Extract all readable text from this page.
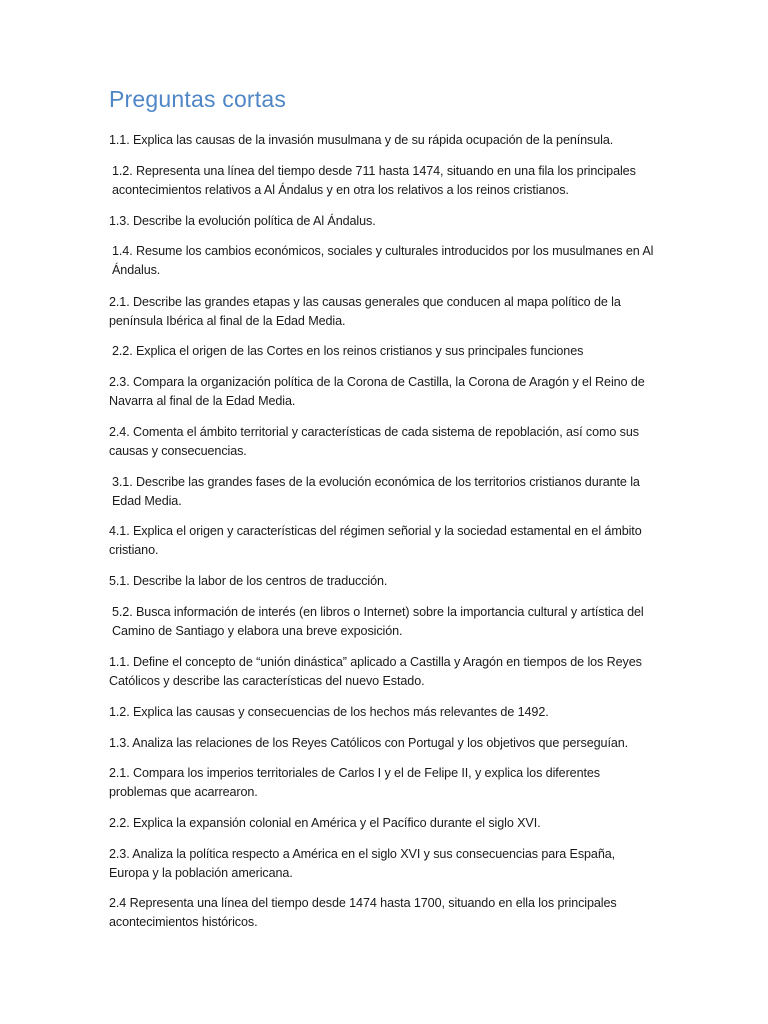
Preguntas cortas

1.1. Explica las causas de la invasión musulmana y de su rápida ocupación de la península.

1.2. Representa una línea del tiempo desde 711 hasta 1474, situando en una fila los principales acontecimientos relativos a Al Ándalus y en otra los relativos a los reinos cristianos.

1.3. Describe la evolución política de Al Ándalus.

1.4. Resume los cambios económicos, sociales y culturales introducidos por los musulmanes en Al Ándalus.

2.1. Describe las grandes etapas y las causas generales que conducen al mapa político de la península Ibérica al final de la Edad Media.

2.2. Explica el origen de las Cortes en los reinos cristianos y sus principales funciones

2.3. Compara la organización política de la Corona de Castilla, la Corona de Aragón y el Reino de Navarra al final de la Edad Media.

2.4. Comenta el ámbito territorial y características de cada sistema de repoblación, así como sus causas y consecuencias.

3.1. Describe las grandes fases de la evolución económica de los territorios cristianos durante la Edad Media.

4.1. Explica el origen y características del régimen señorial y la sociedad estamental en el ámbito cristiano.

5.1. Describe la labor de los centros de traducción.

5.2. Busca información de interés (en libros o Internet) sobre la importancia cultural y artística del Camino de Santiago y elabora una breve exposición.

1.1. Define el concepto de “unión dinástica” aplicado a Castilla y Aragón en tiempos de los Reyes Católicos y describe las características del nuevo Estado.

1.2. Explica las causas y consecuencias de los hechos más relevantes de 1492.

1.3. Analiza las relaciones de los Reyes Católicos con Portugal y los objetivos que perseguían.

2.1. Compara los imperios territoriales de Carlos I y el de Felipe II, y explica los diferentes problemas que acarrearon.

2.2. Explica la expansión colonial en América y el Pacífico durante el siglo XVI.

2.3. Analiza la política respecto a América en el siglo XVI y sus consecuencias para España, Europa y la población americana.

2.4 Representa una línea del tiempo desde 1474 hasta 1700, situando en ella los principales acontecimientos históricos.
